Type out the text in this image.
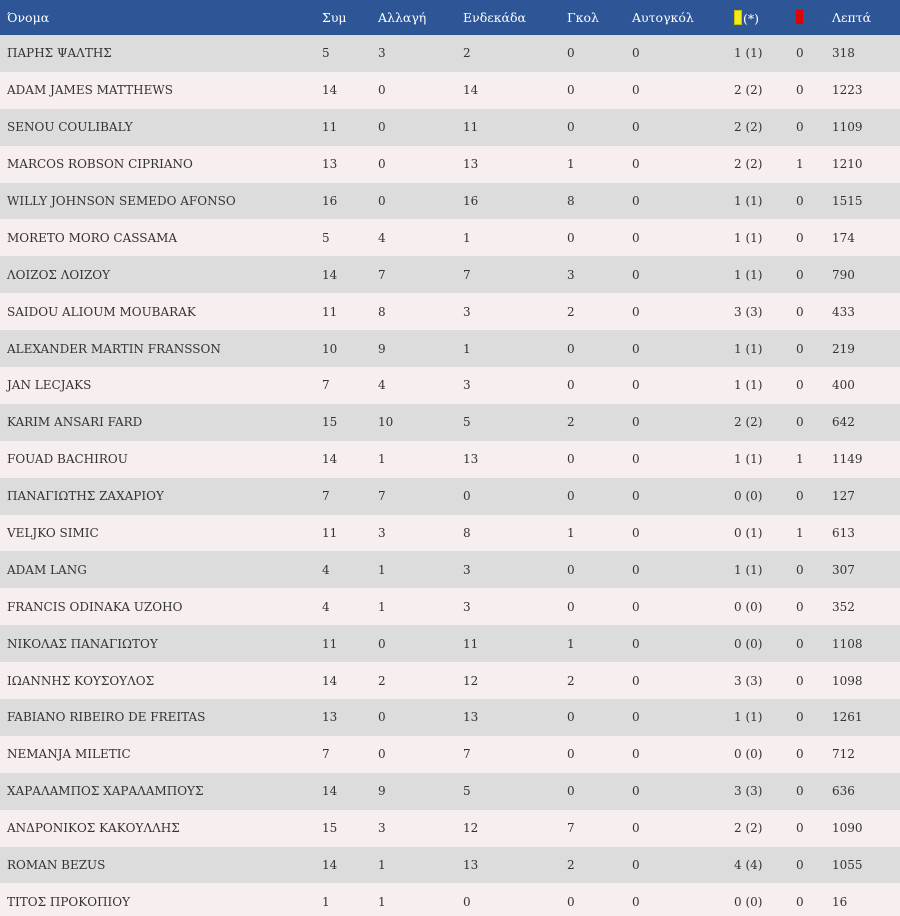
Όνομα	Συμ	Αλλαγή	Ενδεκάδα	Γκολ	Αυτογκόλ	(*)		Λεπτά
ΠΑΡΗΣ ΨΑΛΤΗΣ	5	3	2	0	0	1 (1)	0	318
ADAM JAMES MATTHEWS	14	0	14	0	0	2 (2)	0	1223
SENOU COULIBALY	11	0	11	0	0	2 (2)	0	1109
MARCOS ROBSON CIPRIANO	13	0	13	1	0	2 (2)	1	1210
WILLY JOHNSON SEMEDO AFONSO	16	0	16	8	0	1 (1)	0	1515
MORETO MORO CASSAMA	5	4	1	0	0	1 (1)	0	174
ΛΟΙΖΟΣ ΛΟΙΖΟΥ	14	7	7	3	0	1 (1)	0	790
SAIDOU ALIOUM MOUBARAK	11	8	3	2	0	3 (3)	0	433
ALEXANDER MARTIN FRANSSON	10	9	1	0	0	1 (1)	0	219
JAN LECJAKS	7	4	3	0	0	1 (1)	0	400
KARIM ANSARI FARD	15	10	5	2	0	2 (2)	0	642
FOUAD BACHIROU	14	1	13	0	0	1 (1)	1	1149
ΠΑΝΑΓΙΩΤΗΣ ΖΑΧΑΡΙΟΥ	7	7	0	0	0	0 (0)	0	127
VELJKO SIMIC	11	3	8	1	0	0 (1)	1	613
ADAM LANG	4	1	3	0	0	1 (1)	0	307
FRANCIS ODINAKA UZOHO	4	1	3	0	0	0 (0)	0	352
ΝΙΚΟΛΑΣ ΠΑΝΑΓΙΩΤΟΥ	11	0	11	1	0	0 (0)	0	1108
ΙΩΑΝΝΗΣ ΚΟΥΣΟΥΛΟΣ	14	2	12	2	0	3 (3)	0	1098
FABIANO RIBEIRO DE FREITAS	13	0	13	0	0	1 (1)	0	1261
NEMANJA MILETIC	7	0	7	0	0	0 (0)	0	712
ΧΑΡΑΛΑΜΠΟΣ ΧΑΡΑΛΑΜΠΟΥΣ	14	9	5	0	0	3 (3)	0	636
ΑΝΔΡΟΝΙΚΟΣ ΚΑΚΟΥΛΛΗΣ	15	3	12	7	0	2 (2)	0	1090
ROMAN BEZUS	14	1	13	2	0	4 (4)	0	1055
ΤΙΤΟΣ ΠΡΟΚΟΠΙΟΥ	1	1	0	0	0	0 (0)	0	16
